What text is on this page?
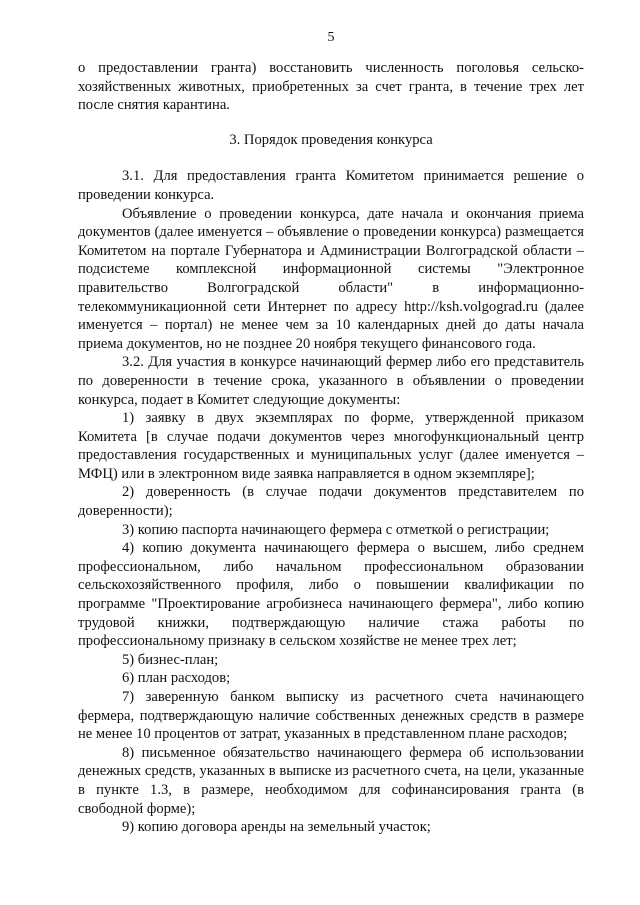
5

о предоставлении гранта) восстановить численность поголовья сельско-хозяйственных животных, приобретенных за счет гранта, в течение трех лет после снятия карантина.

3. Порядок проведения конкурса

3.1. Для предоставления гранта Комитетом принимается решение о проведении конкурса.

Объявление о проведении конкурса, дате начала и окончания приема документов (далее именуется – объявление о проведении конкурса) размещается Комитетом на портале Губернатора и Администрации Волгоградской области – подсистеме комплексной информационной системы "Электронное правительство Волгоградской области" в информационно-телекоммуникационной сети Интернет по адресу http://ksh.volgograd.ru (далее именуется – портал) не менее чем за 10 календарных дней до даты начала приема документов, но не позднее 20 ноября текущего финансового года.

3.2. Для участия в конкурсе начинающий фермер либо его представитель по доверенности в течение срока, указанного в объявлении о проведении конкурса, подает в Комитет следующие документы:

1) заявку в двух экземплярах по форме, утвержденной приказом Комитета [в случае подачи документов через многофункциональный центр предоставления государственных и муниципальных услуг (далее именуется – МФЦ) или в электронном виде заявка направляется в одном экземпляре];

2) доверенность (в случае подачи документов представителем по доверенности);

3) копию паспорта начинающего фермера с отметкой о регистрации;

4) копию документа начинающего фермера о высшем, либо среднем профессиональном, либо начальном профессиональном образовании сельскохозяйственного профиля, либо о повышении квалификации по программе "Проектирование агробизнеса начинающего фермера", либо копию трудовой книжки, подтверждающую наличие стажа работы по профессиональному признаку в сельском хозяйстве не менее трех лет;

5) бизнес-план;

6) план расходов;

7) заверенную банком выписку из расчетного счета начинающего фермера, подтверждающую наличие собственных денежных средств в размере не менее 10 процентов от затрат, указанных в представленном плане расходов;

8) письменное обязательство начинающего фермера об использовании денежных средств, указанных в выписке из расчетного счета, на цели, указанные в пункте 1.3, в размере, необходимом для софинансирования гранта (в свободной форме);

9) копию договора аренды на земельный участок;
